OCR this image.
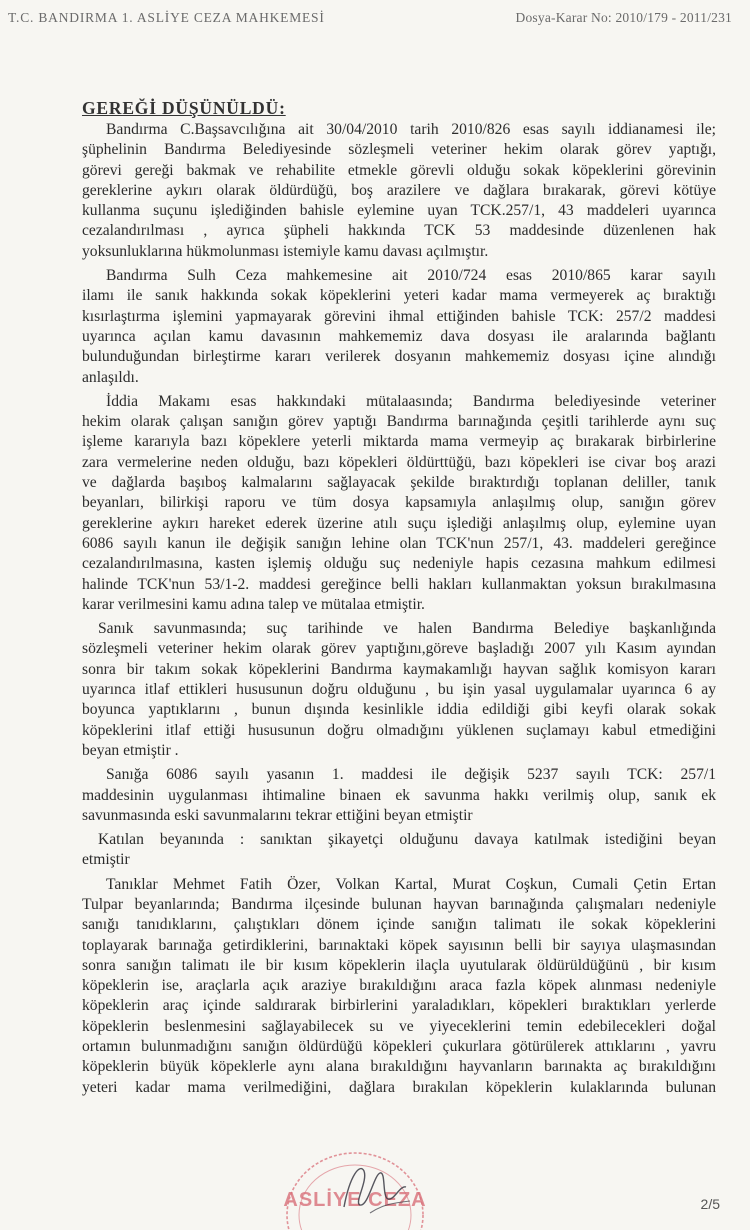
T.C. BANDIRMA 1. ASLİYE CEZA MAHKEMESİ	Dosya-Karar No: 2010/179 - 2011/231
GEREĞİ DÜŞÜNÜLDÜ:

Bandırma C.Başsavcılığına ait 30/04/2010 tarih 2010/826 esas sayılı iddianamesi ile;

şüphelinin Bandırma Belediyesinde sözleşmeli veteriner hekim olarak görev yaptığı,

görevi gereği bakmak ve rehabilite etmekle görevli olduğu sokak köpeklerini görevinin

gereklerine aykırı olarak öldürdüğü, boş arazilere ve dağlara bırakarak, görevi kötüye

kullanma suçunu işlediğinden bahisle eylemine uyan TCK.257/1, 43 maddeleri uyarınca

cezalandırılması , ayrıca şüpheli hakkında TCK 53 maddesinde düzenlenen hak

yoksunluklarına hükmolunması istemiyle kamu davası açılmıştır.

Bandırma Sulh Ceza mahkemesine ait 2010/724 esas 2010/865 karar sayılı

ilamı ile sanık hakkında sokak köpeklerini yeteri kadar mama vermeyerek aç bıraktığı

kısırlaştırma işlemini yapmayarak görevini ihmal ettiğinden bahisle TCK: 257/2 maddesi

uyarınca açılan kamu davasının mahkememiz dava dosyası ile aralarında bağlantı

bulunduğundan birleştirme kararı verilerek dosyanın mahkememiz dosyası içine alındığı

anlaşıldı.

İddia Makamı esas hakkındaki mütalaasında; Bandırma belediyesinde veteriner

hekim olarak çalışan sanığın görev yaptığı Bandırma barınağında çeşitli tarihlerde aynı suç

işleme kararıyla bazı köpeklere yeterli miktarda mama vermeyip aç bırakarak birbirlerine

zara vermelerine neden olduğu, bazı köpekleri öldürttüğü, bazı köpekleri ise civar boş arazi

ve dağlarda başıboş kalmalarını sağlayacak şekilde bıraktırdığı toplanan deliller, tanık

beyanları, bilirkişi raporu ve tüm dosya kapsamıyla anlaşılmış olup, sanığın görev

gereklerine aykırı hareket ederek üzerine atılı suçu işlediği anlaşılmış olup, eylemine uyan

6086 sayılı kanun ile değişik sanığın lehine olan TCK'nun 257/1, 43. maddeleri gereğince

cezalandırılmasına, kasten işlemiş olduğu suç nedeniyle hapis cezasına mahkum edilmesi

halinde TCK'nun 53/1-2. maddesi gereğince belli hakları kullanmaktan yoksun bırakılmasına

karar verilmesini kamu adına talep ve mütalaa etmiştir.

Sanık savunmasında; suç tarihinde ve halen Bandırma Belediye başkanlığında

sözleşmeli veteriner hekim olarak görev yaptığını,göreve başladığı 2007 yılı Kasım ayından

sonra bir takım sokak köpeklerini Bandırma kaymakamlığı hayvan sağlık komisyon kararı

uyarınca itlaf ettikleri hususunun doğru olduğunu , bu işin yasal uygulamalar uyarınca 6 ay

boyunca yaptıklarını , bunun dışında kesinlikle iddia edildiği gibi keyfi olarak sokak

köpeklerini itlaf ettiği hususunun doğru olmadığını yüklenen suçlamayı kabul etmediğini

beyan etmiştir .

Sanığa 6086 sayılı yasanın 1. maddesi ile değişik 5237 sayılı TCK: 257/1

maddesinin uygulanması ihtimaline binaen ek savunma hakkı verilmiş olup, sanık ek

savunmasında eski savunmalarını tekrar ettiğini beyan etmiştir

Katılan beyanında : sanıktan şikayetçi olduğunu davaya katılmak istediğini beyan

etmiştir

Tanıklar Mehmet Fatih Özer, Volkan Kartal, Murat Coşkun, Cumali Çetin Ertan

Tulpar beyanlarında; Bandırma ilçesinde bulunan hayvan barınağında çalışmaları nedeniyle

sanığı tanıdıklarını, çalıştıkları dönem içinde sanığın talimatı ile sokak köpeklerini

toplayarak barınağa getirdiklerini, barınaktaki köpek sayısının belli bir sayıya ulaşmasından

sonra sanığın talimatı ile bir kısım köpeklerin ilaçla uyutularak öldürüldüğünü , bir kısım

köpeklerin ise, araçlarla açık araziye bırakıldığını araca fazla köpek alınması nedeniyle

köpeklerin araç içinde saldırarak birbirlerini yaraladıkları, köpekleri bıraktıkları yerlerde

köpeklerin beslenmesini sağlayabilecek su ve yiyeceklerini temin edebilecekleri doğal

ortamın bulunmadığını sanığın öldürdüğü köpekleri çukurlara götürülerek attıklarını , yavru

köpeklerin büyük köpeklerle aynı alana bırakıldığını hayvanların barınakta aç bırakıldığını

yeteri kadar mama verilmediğini, dağlara bırakılan köpeklerin kulaklarında bulunan

ASLİYE CEZA	2/5
